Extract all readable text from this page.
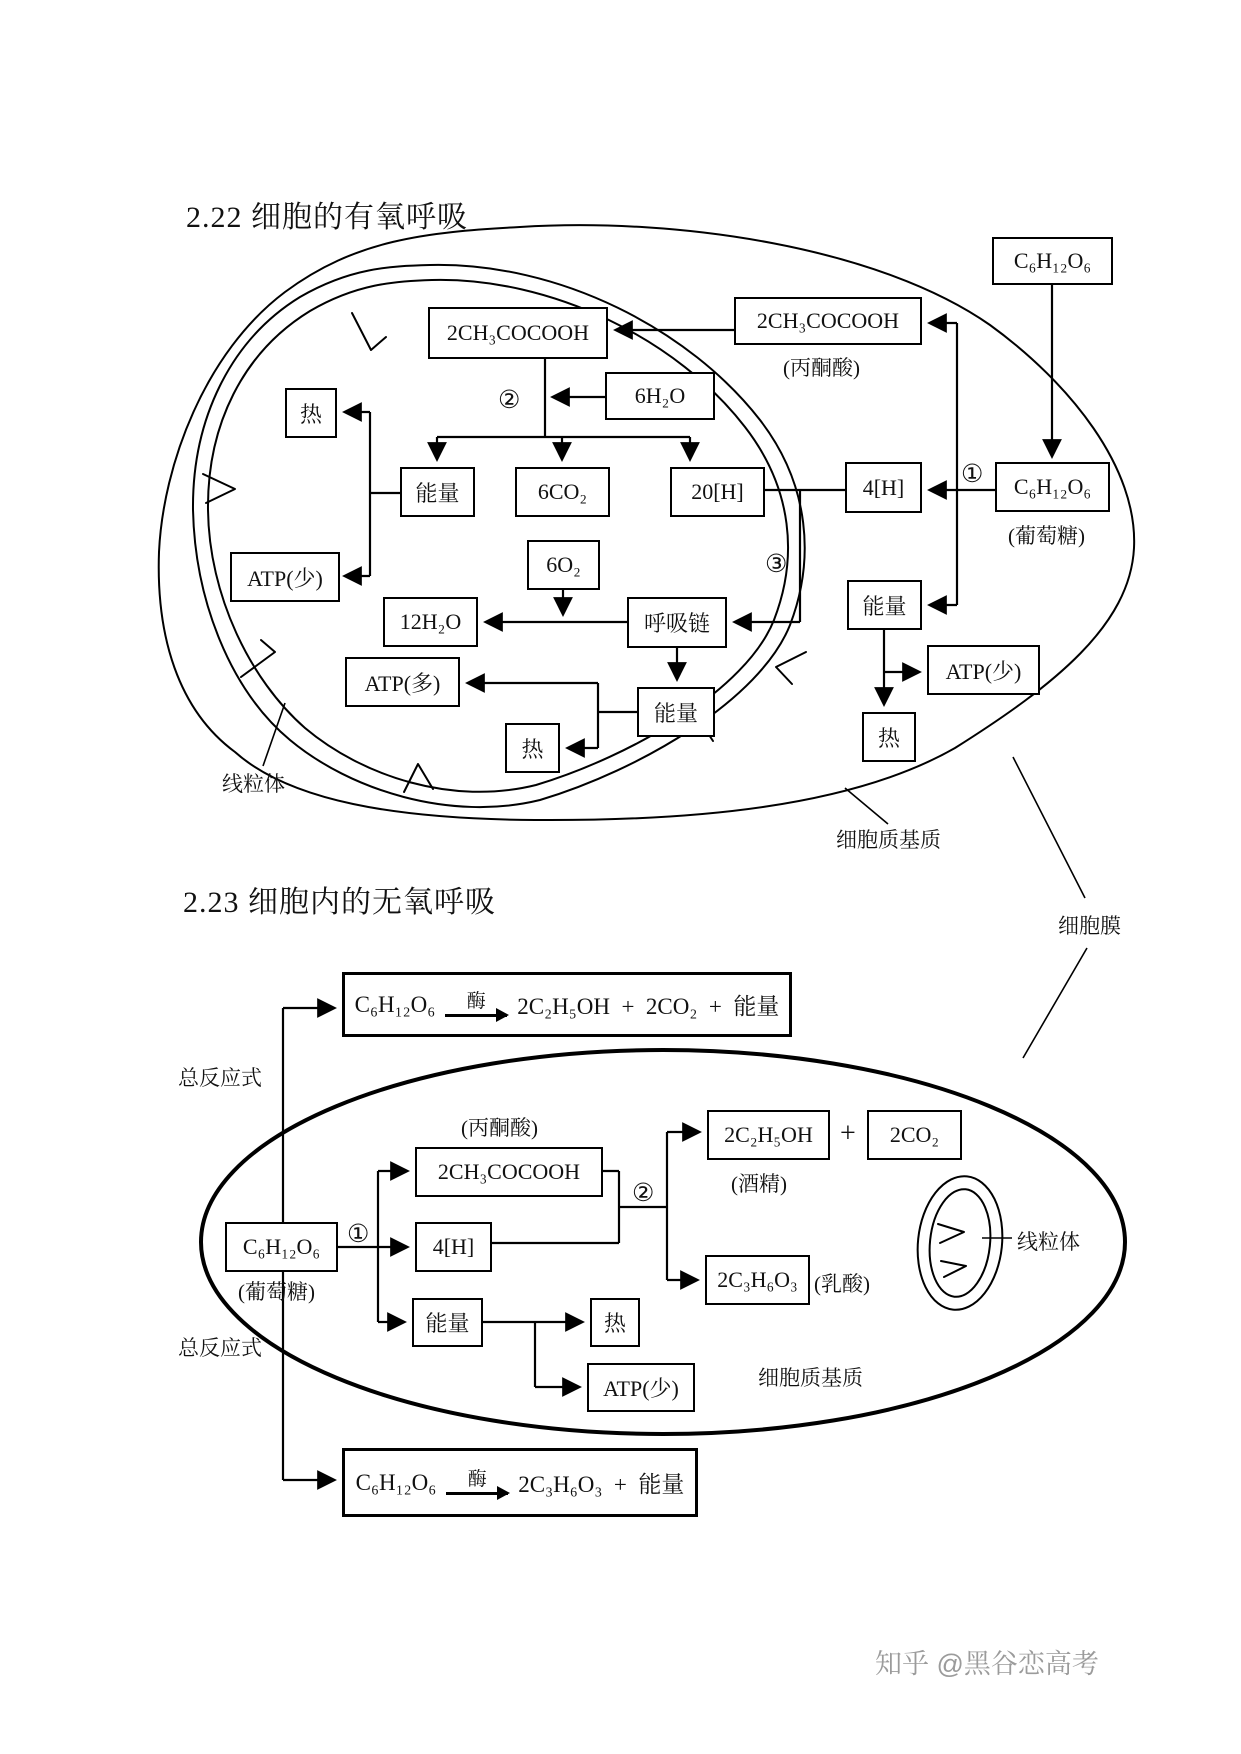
2.22 细胞的有氧呼吸
2.23 细胞内的无氧呼吸
C₆H₁₂O₆
2CH₃COCOOH
(丙酮酸)
2CH₃COCOOH
6H₂O
热
能量	6CO₂	20[H]	4[H]	C₆H₁₂O₆
(葡萄糖)
ATP(少)
6O₂
12H₂O	呼吸链
能量
ATP(少)
ATP(多)
能量
热
热
①
②
③
线粒体
细胞质基质
细胞膜
C₆H₁₂O₆ 酶 2C₂H₅OH  +  2CO₂  +  能量
总反应式
总反应式
C₆H₁₂O₆
(葡萄糖)
(丙酮酸)
2CH₃COCOOH
4[H]
能量	热
ATP(少)
2C₂H₅OH + 2CO₂
(酒精)
2C₃H₆O₃ (乳酸)
①
②
细胞质基质
线粒体
C₆H₁₂O₆ 酶 2C₃H₆O₃  +  能量
知乎 @黑谷恋高考
